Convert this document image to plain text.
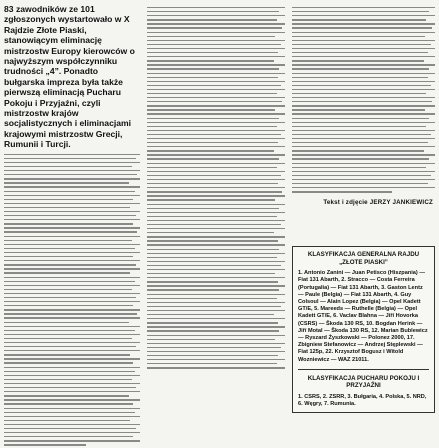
83 zawodników ze 101 zgłoszonych wystartowało w X Rajdzie Złote Piaski, stanowiącym eliminację mistrzostw Europy kierowców o najwyższym współczynniku trudności „4”. Ponadto bułgarska impreza była także pierwszą eliminacją Pucharu Pokoju i Przyjaźni, czyli mistrzostw krajów socjalistycznych i eliminacjami krajowymi mistrzostw Grecji, Rumunii i Turcji.

Tekst i zdjęcie JERZY JANKIEWICZ
KLASYFIKACJA GENERALNA RAJDU „ZŁOTE PIASKI”
1. Antonio Zanini — Juan Petisco (Hiszpania) — Fiat 131 Abarth, 2. Stracco — Costa Ferreira (Portugalia) — Fiat 131 Abarth, 3. Gaston Lentz — Paule (Belgia) — Fiat 131 Abarth, 4. Guy Colsoul — Alain Lopez (Belgia) — Opel Kadett GT/E, 5. Mareeds — Ruthelle (Belgia) — Opel Kadett GT/E, 6. Vaclav Blahna — Jiří Hovorka (CSRS) — Škoda 130 RS, 10. Bogdan Herink — Jiří Motal — Škoda 130 RS, 12. Marian Bublewicz — Ryszard Żyszkowski — Polonez 2000, 17. Zbigniew Stefanowicz — Andrzej Stęplewski — Fiat 125p, 22. Krzysztof Bogusz i Witold Wozniewicz — WAZ 21011.
KLASYFIKACJA PUCHARU POKOJU I PRZYJAŹNI
1. CSRS, 2. ZSRR, 3. Bułgaria, 4. Polska, 5. NRD, 6. Węgry, 7. Rumunia.
